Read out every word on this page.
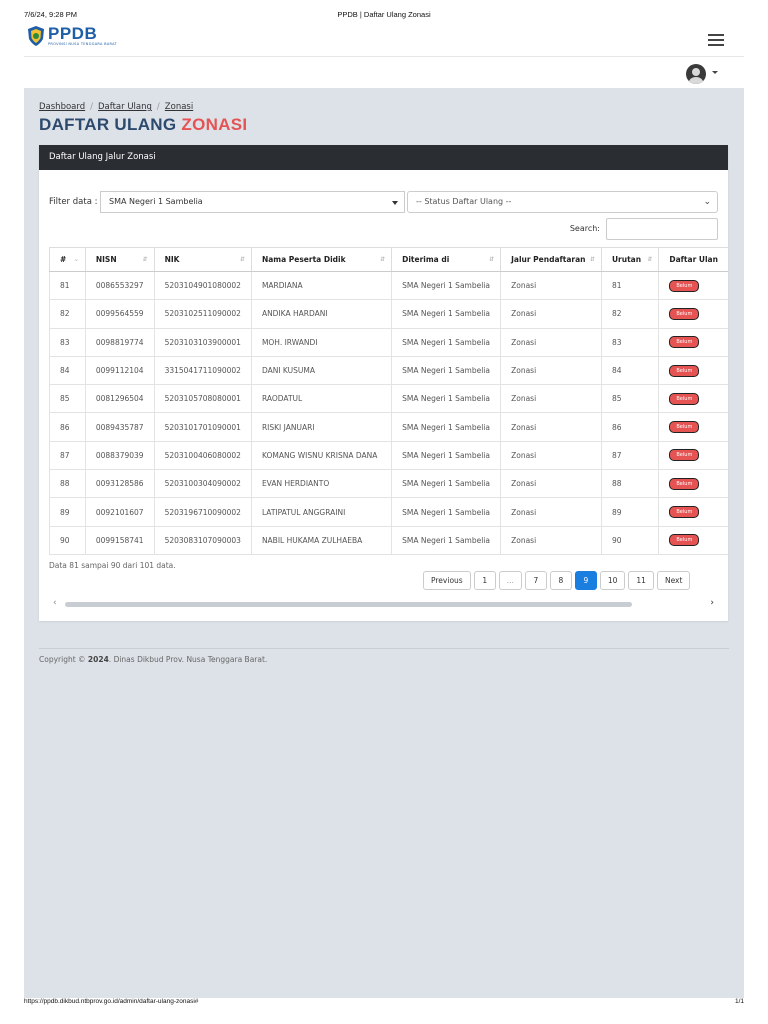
7/6/24, 9:28 PM	PPDB | Daftar Ulang Zonasi
PPDB
PROVINSI NUSA TENGGARA BARAT
Dashboard / Daftar Ulang / Zonasi
DAFTAR ULANG ZONASI
Daftar Ulang Jalur Zonasi
Filter data :	SMA Negeri 1 Sambelia	-- Status Daftar Ulang --	⌄
Search:
# ⌄	NISN ⇵	NIK ⇵	Nama Peserta Didik ⇵	Diterima di ⇵	Jalur Pendaftaran ⇵	Urutan ⇵	Daftar Ulan
81	0086553297	5203104901080002	MARDIANA	SMA Negeri 1 Sambelia	Zonasi	81	Belum
82	0099564559	5203102511090002	ANDIKA HARDANI	SMA Negeri 1 Sambelia	Zonasi	82	Belum
83	0098819774	5203103103900001	MOH. IRWANDI	SMA Negeri 1 Sambelia	Zonasi	83	Belum
84	0099112104	3315041711090002	DANI KUSUMA	SMA Negeri 1 Sambelia	Zonasi	84	Belum
85	0081296504	5203105708080001	RAODATUL	SMA Negeri 1 Sambelia	Zonasi	85	Belum
86	0089435787	5203101701090001	RISKI JANUARI	SMA Negeri 1 Sambelia	Zonasi	86	Belum
87	0088379039	5203100406080002	KOMANG WISNU KRISNA DANA	SMA Negeri 1 Sambelia	Zonasi	87	Belum
88	0093128586	5203100304090002	EVAN HERDIANTO	SMA Negeri 1 Sambelia	Zonasi	88	Belum
89	0092101607	5203196710090002	LATIPATUL ANGGRAINI	SMA Negeri 1 Sambelia	Zonasi	89	Belum
90	0099158741	5203083107090003	NABIL HUKAMA ZULHAEBA	SMA Negeri 1 Sambelia	Zonasi	90	Belum
Data 81 sampai 90 dari 101 data.
Previous	1	...	7	8	9	10	11	Next
‹	›
Copyright © 2024. Dinas Dikbud Prov. Nusa Tenggara Barat.
https://ppdb.dikbud.ntbprov.go.id/admin/daftar-ulang-zonasi#	1/1
